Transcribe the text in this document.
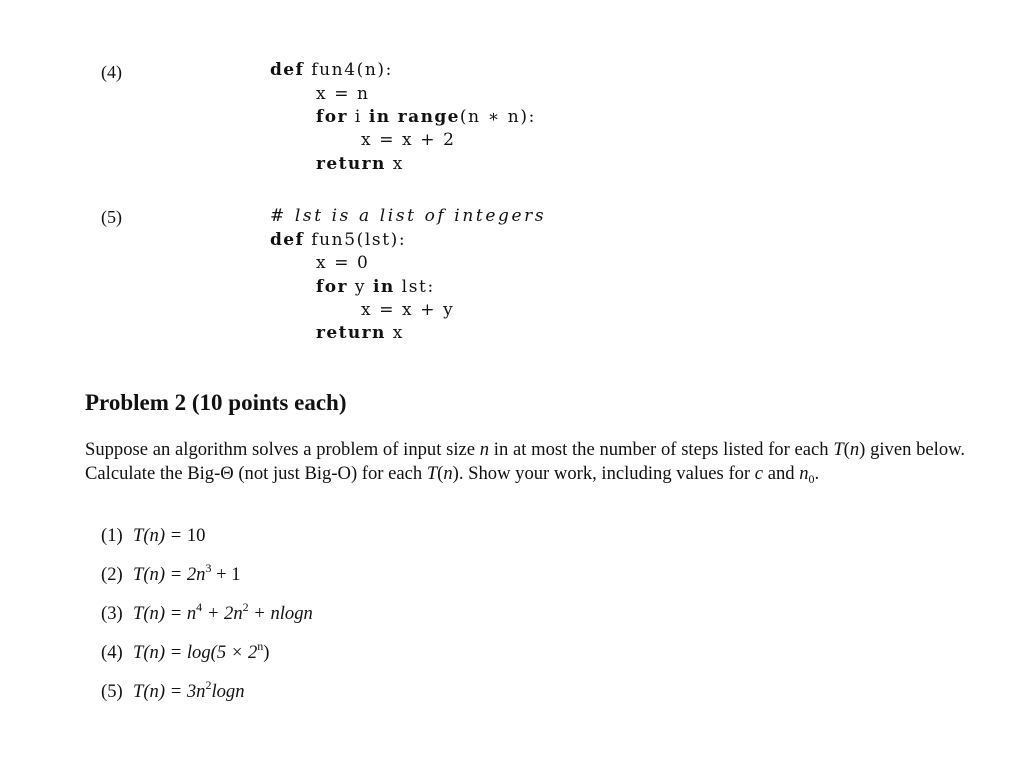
(4)	def fun4(n):
x = n
for i in range(n ∗ n):
x = x + 2
return x
(5)	# lst is a list of integers
def fun5(lst):
x = 0
for y in lst:
x = x + y
return x
Problem 2 (10 points each)

Suppose an algorithm solves a problem of input size n in at most the number of steps listed for each T(n) given below. Calculate the Big-Θ (not just Big-O) for each T(n). Show your work, including values for c and $n_0$.

(1) T(n) = 10
(2) $T(n) = 2n^3 + 1$
(3) $T(n) = n^4 + 2n^2 + nlogn$
(4) $T(n) = \log(5 \times 2^n)$
(5) $T(n) = 3n^2\log n$
